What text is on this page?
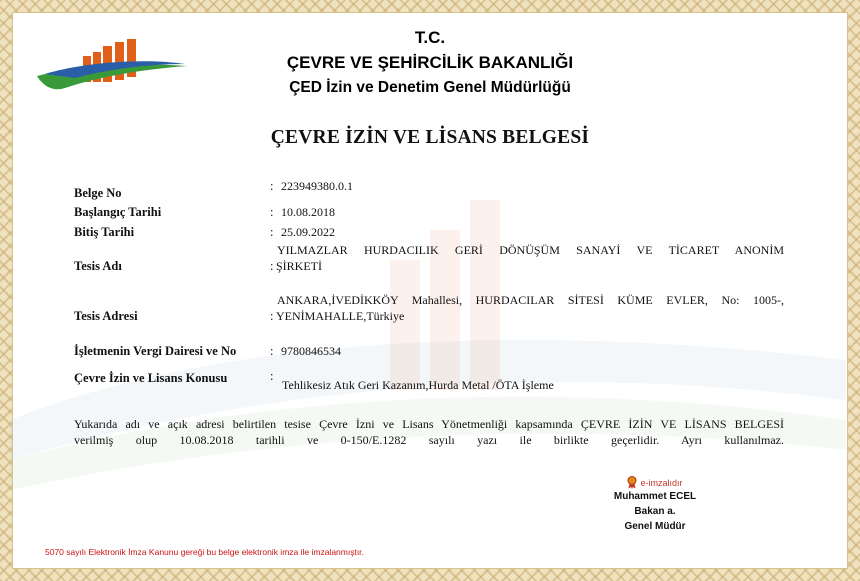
T.C.
ÇEVRE VE ŞEHİRCİLİK BAKANLIĞI
ÇED İzin ve Denetim Genel Müdürlüğü
ÇEVRE İZİN VE LİSANS BELGESİ
Belge No	: 223949380.0.1
Başlangıç Tarihi	: 10.08.2018
Bitiş Tarihi	: 25.09.2022
Tesis Adı
YILMAZLAR HURDACILIK GERİ DÖNÜŞÜM SANAYİ VE TİCARET ANONİM
: ŞİRKETİ
Tesis Adresi
ANKARA,İVEDİKKÖY Mahallesi, HURDACILAR SİTESİ KÜME EVLER, No: 1005-,
: YENİMAHALLE,Türkiye
İşletmenin Vergi Dairesi ve No	: 9780846534
Çevre İzin ve Lisans Konusu	:
Tehlikesiz Atık Geri Kazanım,Hurda Metal /ÖTA İşleme
Yukarıda adı ve açık adresi belirtilen tesise Çevre İzni ve Lisans Yönetmenliği kapsamında ÇEVRE İZİN VE LİSANS BELGESİ
verilmiş olup 10.08.2018 tarihli ve 0-150/E.1282 sayılı yazı ile birlikte geçerlidir. Ayrı kullanılmaz.
e-imzalıdır
Muhammet ECEL
Bakan a.
Genel Müdür
5070 sayılı Elektronik İmza Kanunu gereği bu belge elektronik imza ile imzalanmıştır.
